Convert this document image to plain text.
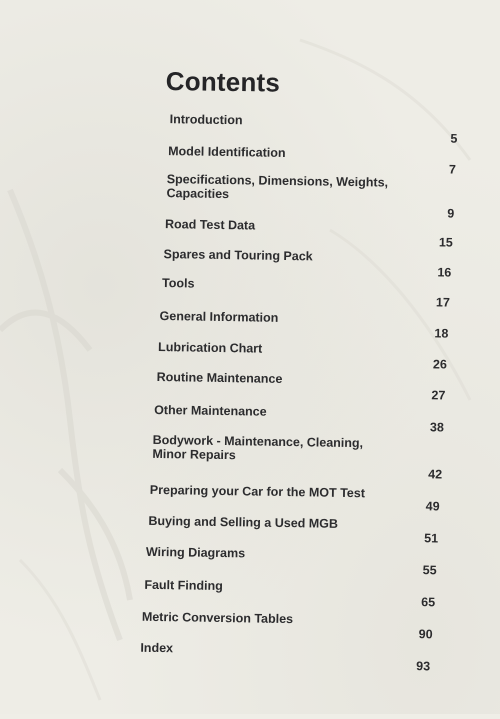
Contents
Introduction
5
Model Identification
7
Specifications, Dimensions, Weights, Capacities
9
Road Test Data
15
Spares and Touring Pack
16
Tools
17
General Information
18
Lubrication Chart
26
Routine Maintenance
27
Other Maintenance
38
Bodywork - Maintenance, Cleaning, Minor Repairs
42
Preparing your Car for the MOT Test
49
Buying and Selling a Used MGB
51
Wiring Diagrams
55
Fault Finding
65
Metric Conversion Tables
90
Index
93
